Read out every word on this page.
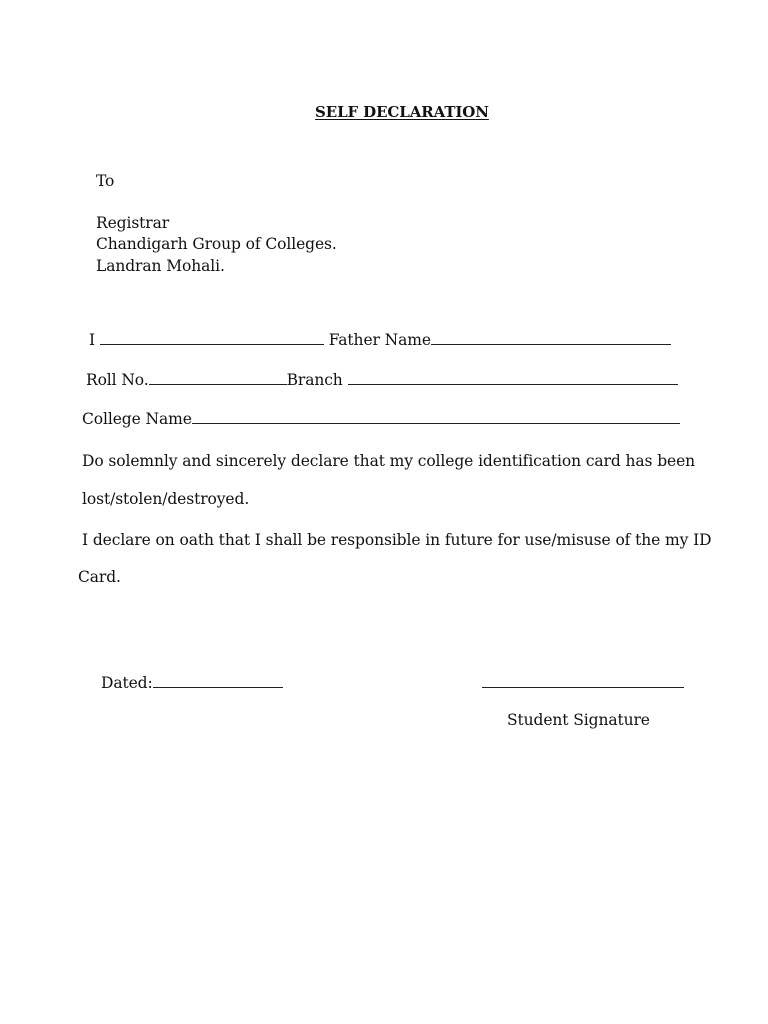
SELF DECLARATION
To
Registrar
Chandigarh Group of Colleges.
Landran Mohali.
I	Father Name
Roll No.	Branch
College Name
Do solemnly and sincerely declare that my college identification card has been
lost/stolen/destroyed.
I declare on oath that I shall be responsible in future for use/misuse of the my ID
Card.
Dated:
Student Signature
